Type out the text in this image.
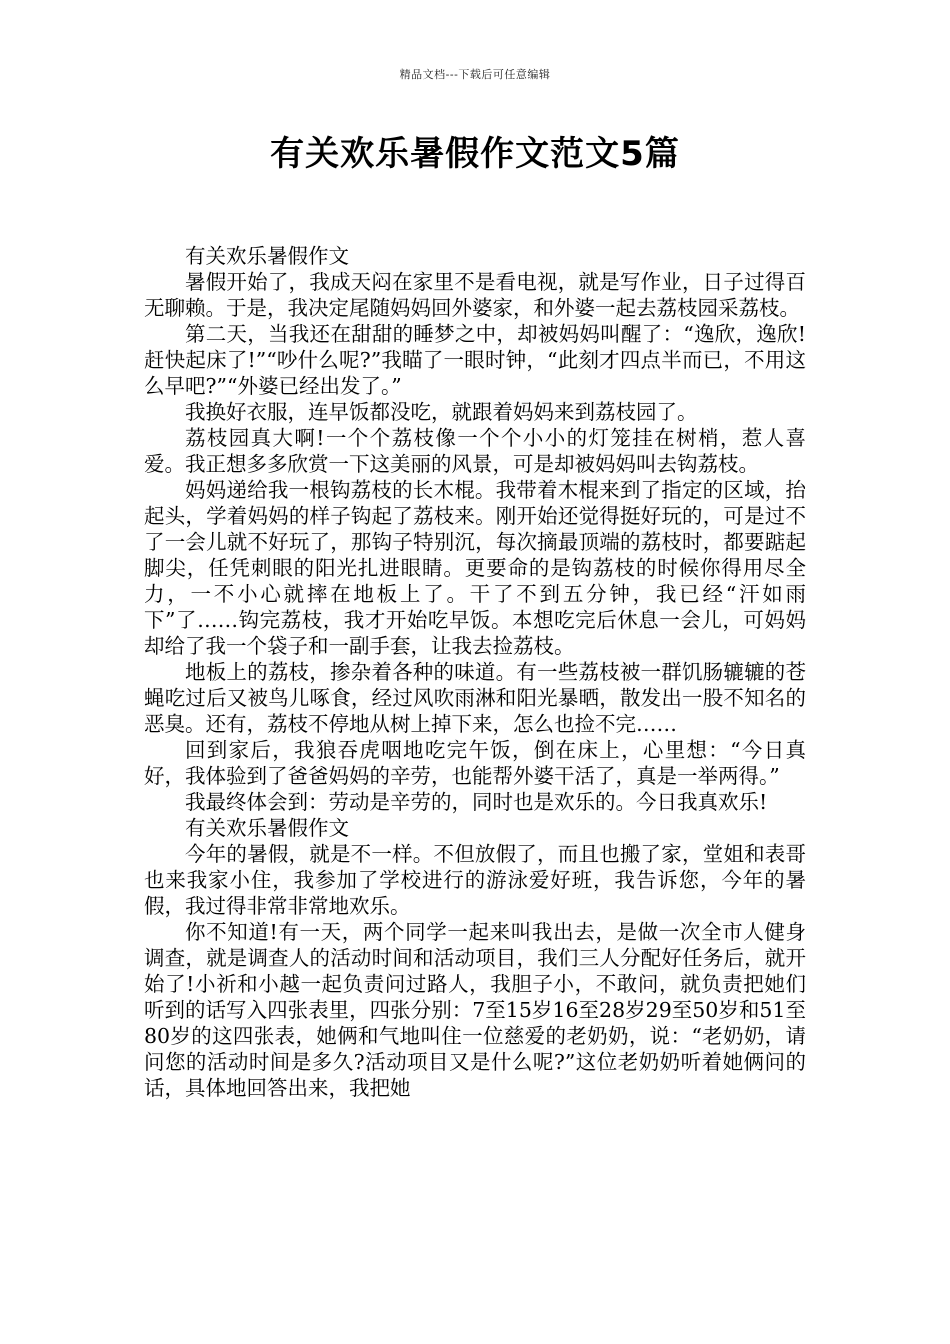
精品文档---下载后可任意编辑
有关欢乐暑假作文范文5篇

有关欢乐暑假作文

暑假开始了，我成天闷在家里不是看电视，就是写作业，日子过得百无聊赖。于是，我决定尾随妈妈回外婆家，和外婆一起去荔枝园采荔枝。

第二天，当我还在甜甜的睡梦之中，却被妈妈叫醒了：“逸欣，逸欣!赶快起床了!”“吵什么呢?”我瞄了一眼时钟，“此刻才四点半而已，不用这么早吧?”“外婆已经出发了。”

我换好衣服，连早饭都没吃，就跟着妈妈来到荔枝园了。

荔枝园真大啊!一个个荔枝像一个个小小的灯笼挂在树梢，惹人喜爱。我正想多多欣赏一下这美丽的风景，可是却被妈妈叫去钩荔枝。

妈妈递给我一根钩荔枝的长木棍。我带着木棍来到了指定的区域，抬起头，学着妈妈的样子钩起了荔枝来。刚开始还觉得挺好玩的，可是过不了一会儿就不好玩了，那钩子特别沉，每次摘最顶端的荔枝时，都要踮起脚尖，任凭刺眼的阳光扎进眼睛。更要命的是钩荔枝的时候你得用尽全力，一不小心就摔在地板上了。干了不到五分钟，我已经“汗如雨下”了……钩完荔枝，我才开始吃早饭。本想吃完后休息一会儿，可妈妈却给了我一个袋子和一副手套，让我去捡荔枝。

地板上的荔枝，掺杂着各种的味道。有一些荔枝被一群饥肠辘辘的苍蝇吃过后又被鸟儿啄食，经过风吹雨淋和阳光暴晒，散发出一股不知名的恶臭。还有，荔枝不停地从树上掉下来，怎么也捡不完……

回到家后，我狼吞虎咽地吃完午饭，倒在床上，心里想：“今日真好，我体验到了爸爸妈妈的辛劳，也能帮外婆干活了，真是一举两得。”

我最终体会到：劳动是辛劳的，同时也是欢乐的。今日我真欢乐!

有关欢乐暑假作文

今年的暑假，就是不一样。不但放假了，而且也搬了家，堂姐和表哥也来我家小住，我参加了学校进行的游泳爱好班，我告诉您，今年的暑假，我过得非常非常地欢乐。

你不知道!有一天，两个同学一起来叫我出去，是做一次全市人健身调查，就是调查人的活动时间和活动项目，我们三人分配好任务后，就开始了!小祈和小越一起负责问过路人，我胆子小，不敢问，就负责把她们听到的话写入四张表里，四张分别：7至15岁16至28岁29至50岁和51至80岁的这四张表，她俩和气地叫住一位慈爱的老奶奶，说：“老奶奶，请问您的活动时间是多久?活动项目又是什么呢?”这位老奶奶听着她俩问的话，具体地回答出来，我把她
